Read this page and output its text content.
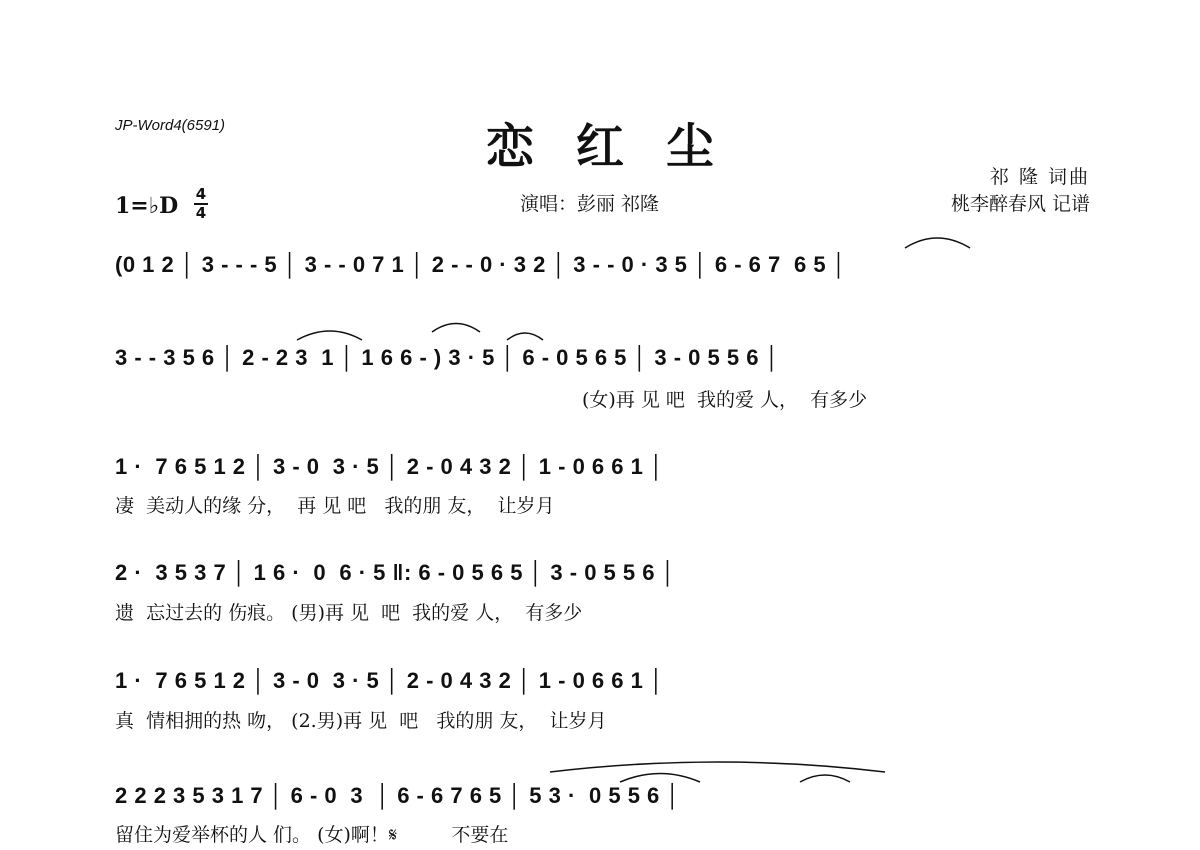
JP-Word4(6591)	恋红尘
祁 隆 词曲
桃李醉春风 记谱
演唱：彭丽 祁隆
1=♭D 4
4
(0 1 2 │ 3 - - - 5 │ 3 - - 0 7 1 │ 2 - - 0 · 3 2 │ 3 - - 0 · 3 5 │ 6 - 6 7  6 5 │
3 - - 3 5 6 │ 2 - 2 3  1 │ 1 6 6 - ) 3 · 5 │ 6 - 0 5 6 5 │ 3 - 0 5 5 6 │
(女)再 见 吧  我的爱 人，  有多少
1 ·  7 6 5 1 2 │ 3 - 0  3 · 5 │ 2 - 0 4 3 2 │ 1 - 0 6 6 1 │
凄  美动人的缘 分，  再 见 吧   我的朋 友，  让岁月
2 ·  3 5 3 7 │ 1 6 ·  0  6 · 5 ‖: 6 - 0 5 6 5 │ 3 - 0 5 5 6 │
遗  忘过去的 伤痕。 (男)再 见  吧  我的爱 人，  有多少
1 ·  7 6 5 1 2 │ 3 - 0  3 · 5 │ 2 - 0 4 3 2 │ 1 - 0 6 6 1 │
真  情相拥的热 吻， (2.男)再 见  吧   我的朋 友，  让岁月
2 2 2 3 5 3 1 7 │ 6 - 0  3  │ 6 - 6 7 6 5 │ 5 3 ·  0 5 5 6 │
留住为爱举杯的人 们。 (女)啊！𝄋         不要在
